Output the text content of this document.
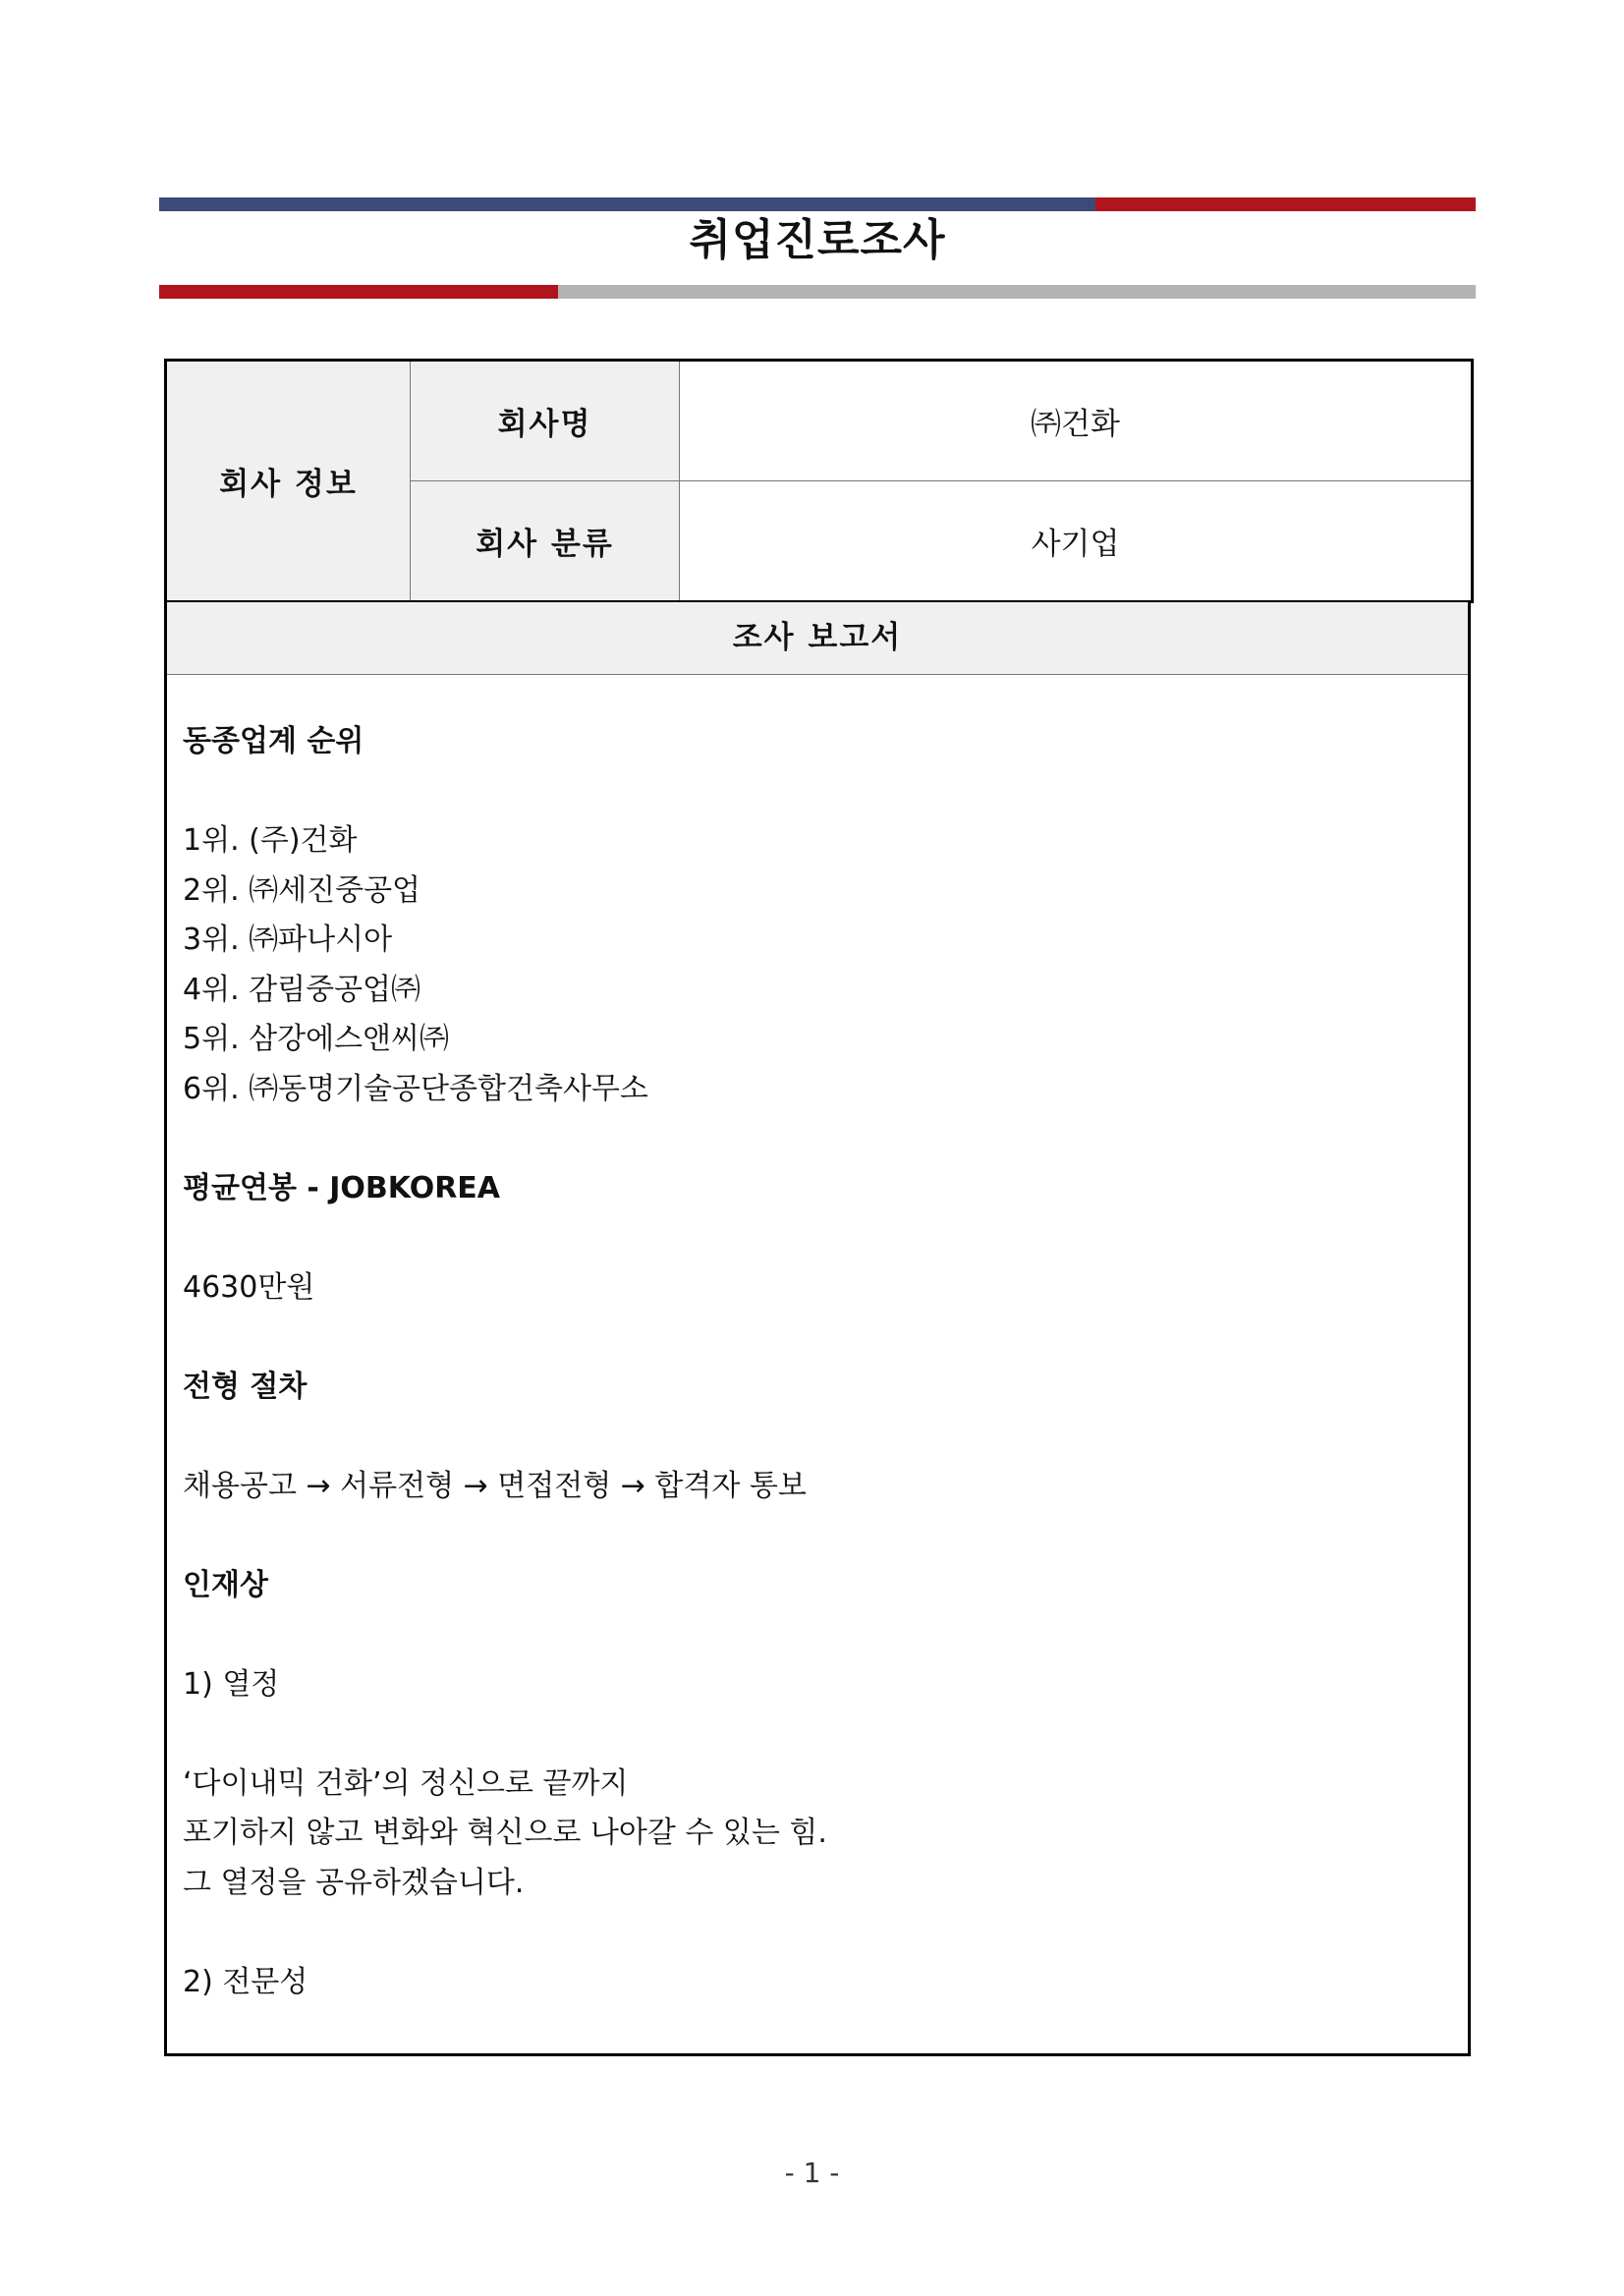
취업진로조사
회사 정보	회사명	㈜건화
	회사 분류	사기업
조사 보고서
동종업계 순위
1위. (주)건화
2위. ㈜세진중공업
3위. ㈜파나시아
4위. 감림중공업㈜
5위. 삼강에스앤씨㈜
6위. ㈜동명기술공단종합건축사무소
평균연봉 - JOBKOREA
4630만원
전형 절차
채용공고 → 서류전형 → 면접전형 → 합격자 통보
인재상
1) 열정
‘다이내믹 건화’의 정신으로 끝까지
포기하지 않고 변화와 혁신으로 나아갈 수 있는 힘.
그 열정을 공유하겠습니다.
2) 전문성
- 1 -
